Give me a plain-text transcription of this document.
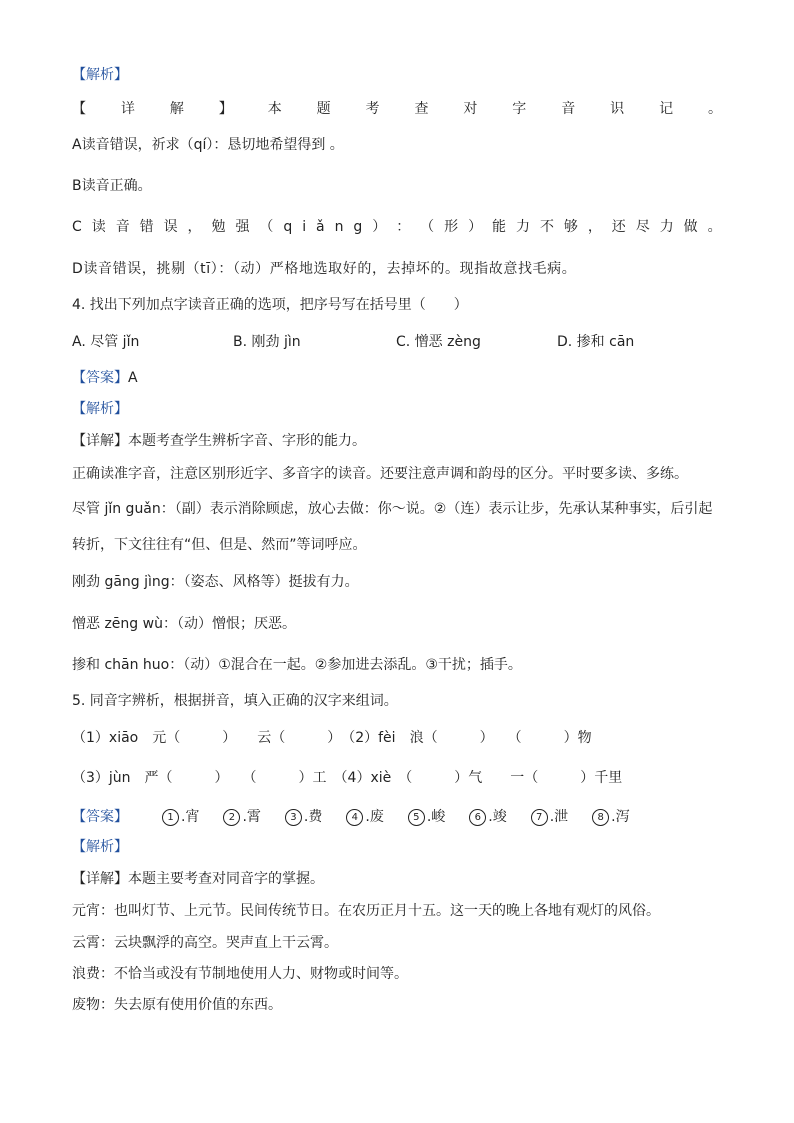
【解析】
【 详 解 】 本 题 考 查 对 字 音 识 记 。
A读音错误，祈求（qí）：恳切地希望得到 。
B读音正确。
C 读 音 错 误 ， 勉 强 （ q i ǎ n g ） ： （ 形 ） 能 力 不 够 ， 还 尽 力 做 。
D读音错误，挑剔（tī）：（动）严格地选取好的，去掉坏的。现指故意找毛病。
4. 找出下列加点字读音正确的选项，把序号写在括号里（　　）
A. 尽管 jǐn	B. 刚劲 jìn	C. 憎恶 zèng	D. 掺和 cān
【答案】A
【解析】
【详解】本题考查学生辨析字音、字形的能力。
正确读准字音，注意区别形近字、多音字的读音。还要注意声调和韵母的区分。平时要多读、多练。
尽管 jǐn guǎn：（副）表示消除顾虑，放心去做：你～说。②（连）表示让步，先承认某种事实，后引起
转折，下文往往有“但、但是、然而”等词呼应。
刚劲 gāng jìng：（姿态、风格等）挺拔有力。
憎恶 zēng wù：（动）憎恨；厌恶。
掺和 chān huo：（动）①混合在一起。②参加进去添乱。③干扰；插手。
5. 同音字辨析，根据拼音，填入正确的汉字来组词。
（1）xiāo　元（　　　）　　云（　　　）　（2）fèi　浪（　　　）　　（　　　）物
（3）jùn　严（　　　）　　（　　　）工　（4）xiè　（　　　）气　　一（　　　）千里
【答案】	1 .宵	2 .霄	3 .费	4 .废	5 .峻	6 .竣	7 .泄	8 .泻
【解析】
【详解】本题主要考查对同音字的掌握。
元宵：也叫灯节、上元节。民间传统节日。在农历正月十五。这一天的晚上各地有观灯的风俗。
云霄：云块飘浮的高空。哭声直上干云霄。
浪费：不恰当或没有节制地使用人力、财物或时间等。
废物：失去原有使用价值的东西。
